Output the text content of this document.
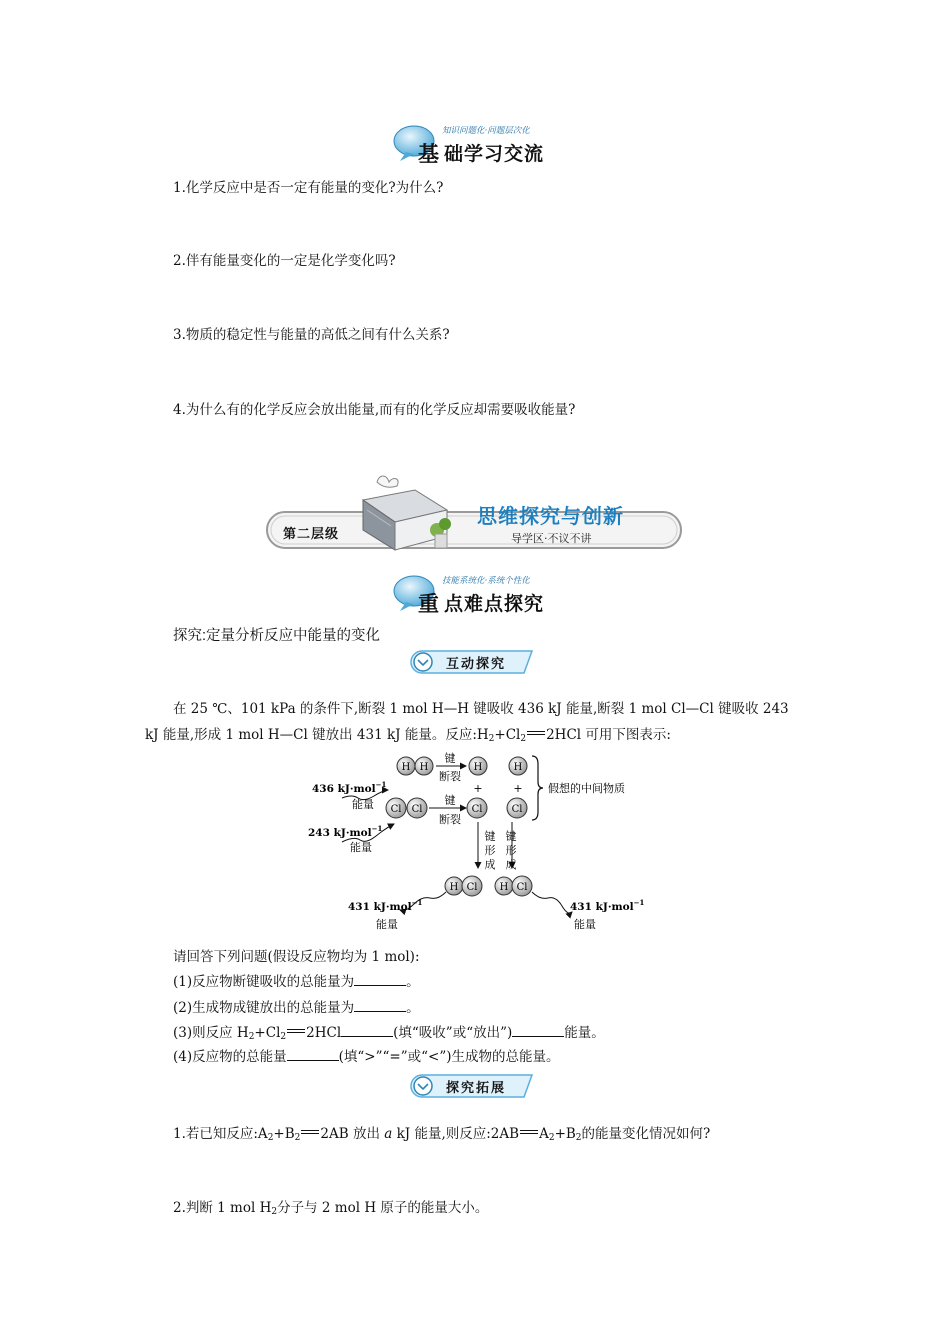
知识问题化·问题层次化
基 础学习交流
1.化学反应中是否一定有能量的变化?为什么?
2.伴有能量变化的一定是化学变化吗?
3.物质的稳定性与能量的高低之间有什么关系?
4.为什么有的化学反应会放出能量,而有的化学反应却需要吸收能量?
第二层级
思维探究与创新
导学区·不议不讲
技能系统化·系统个性化
重 点难点探究
探究:定量分析反应中能量的变化
互动探究
在 25 ℃、101 kPa 的条件下,断裂 1 mol H—H 键吸收 436 kJ 能量,断裂 1 mol Cl—Cl 键吸收 243
kJ 能量,形成 1 mol H—Cl 键放出 431 kJ 能量。反应$:H_2+Cl_2$ 2HCl 可用下图表示:
H H
Cl Cl
键
断裂
键
断裂
H
+
Cl
H
+
Cl
假想的中间物质
436 kJ·mol$^{-1}$
能量
243 kJ·mol$^{-1}$
能量
键
形
成
键
形
成
H Cl H Cl
431 kJ·mol$^{-1}$
能量
431 kJ·mol$^{-1}$
能量
请回答下列问题(假设反应物均为 1 mol):
(1)反应物断键吸收的总能量为	。
(2)生成物成键放出的总能量为	。
(3)则反应 $H_2+Cl_2$ 2HCl	(填“吸收”或“放出”)	能量。
(4)反应物的总能量	(填“>”“=”或“<”)生成物的总能量。
探究拓展
1.若已知反应$:A_2+B_2$ 2AB 放出 a kJ 能量,则反应:2AB $A_2+B_2$的能量变化情况如何?
2.判断 1 mol $H_2$分子与 2 mol H 原子的能量大小。
